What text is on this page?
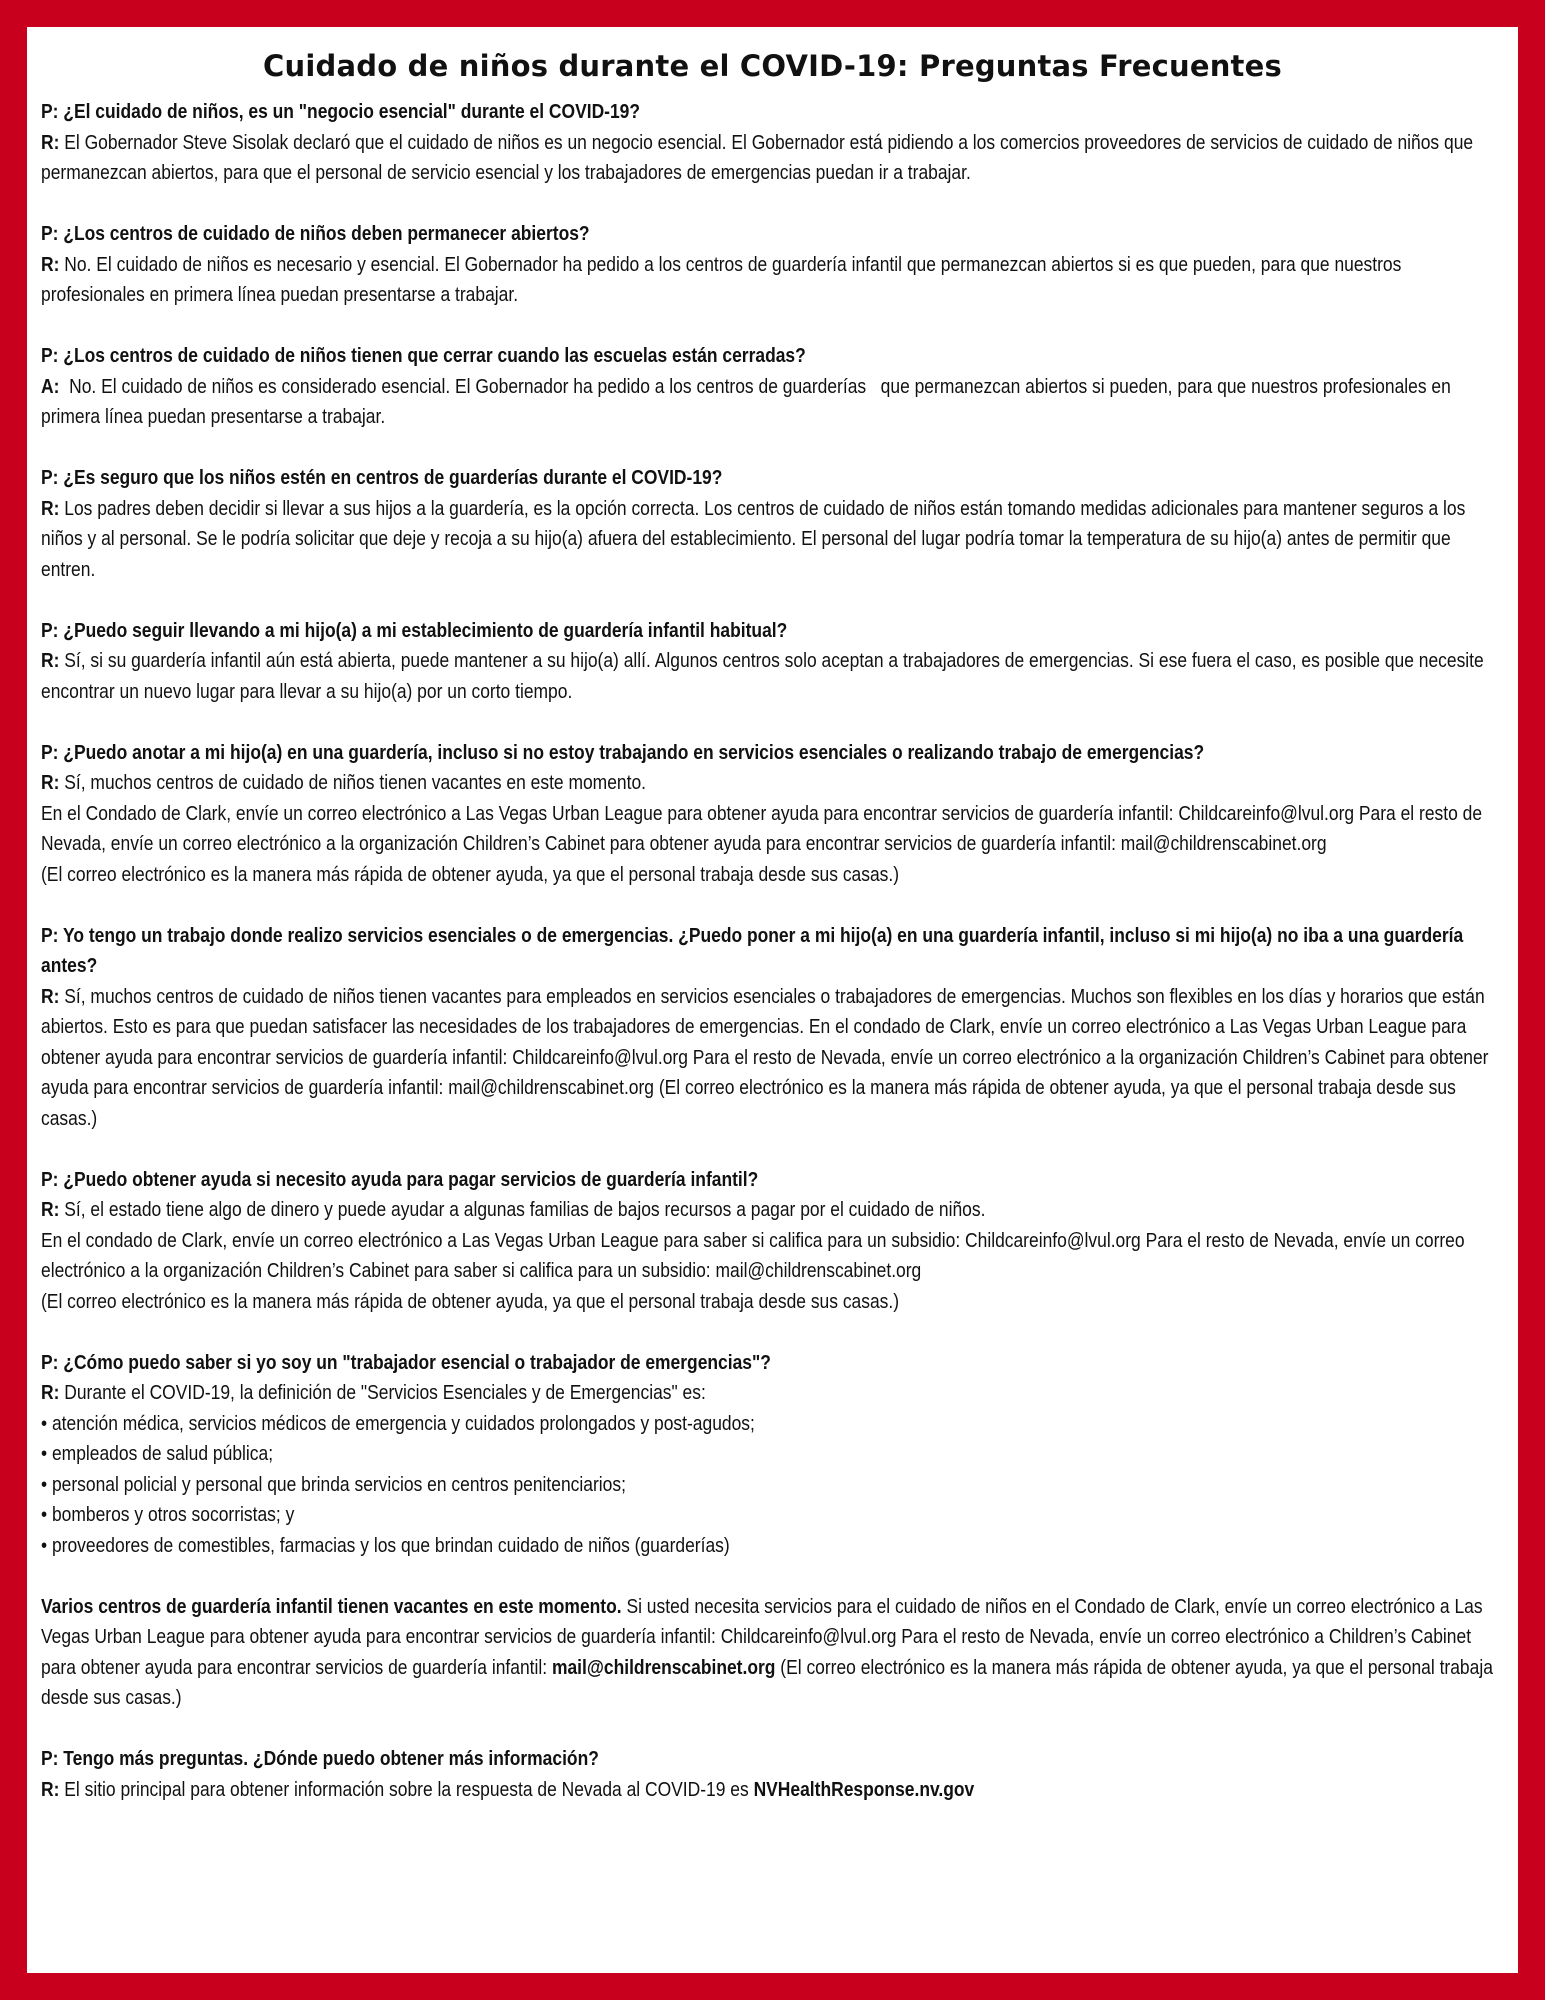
Cuidado de niños durante el COVID-19: Preguntas Frecuentes
P: ¿El cuidado de niños, es un "negocio esencial" durante el COVID-19?
R: El Gobernador Steve Sisolak declaró que el cuidado de niños es un negocio esencial. El Gobernador está pidiendo a los comercios proveedores de servicios de cuidado de niños que permanezcan abiertos, para que el personal de servicio esencial y los trabajadores de emergencias puedan ir a trabajar.
P: ¿Los centros de cuidado de niños deben permanecer abiertos?
R: No. El cuidado de niños es necesario y esencial. El Gobernador ha pedido a los centros de guardería infantil que permanezcan abiertos si es que pueden, para que nuestros profesionales en primera línea puedan presentarse a trabajar.
P: ¿Los centros de cuidado de niños tienen que cerrar cuando las escuelas están cerradas?
A:  No. El cuidado de niños es considerado esencial. El Gobernador ha pedido a los centros de guarderías   que permanezcan abiertos si pueden, para que nuestros profesionales en primera línea puedan presentarse a trabajar.
P: ¿Es seguro que los niños estén en centros de guarderías durante el COVID-19?
R: Los padres deben decidir si llevar a sus hijos a la guardería, es la opción correcta. Los centros de cuidado de niños están tomando medidas adicionales para mantener seguros a los niños y al personal. Se le podría solicitar que deje y recoja a su hijo(a) afuera del establecimiento. El personal del lugar podría tomar la temperatura de su hijo(a) antes de permitir que entren.
P: ¿Puedo seguir llevando a mi hijo(a) a mi establecimiento de guardería infantil habitual?
R: Sí, si su guardería infantil aún está abierta, puede mantener a su hijo(a) allí. Algunos centros solo aceptan a trabajadores de emergencias. Si ese fuera el caso, es posible que necesite encontrar un nuevo lugar para llevar a su hijo(a) por un corto tiempo.
P: ¿Puedo anotar a mi hijo(a) en una guardería, incluso si no estoy trabajando en servicios esenciales o realizando trabajo de emergencias?
R: Sí, muchos centros de cuidado de niños tienen vacantes en este momento.
En el Condado de Clark, envíe un correo electrónico a Las Vegas Urban League para obtener ayuda para encontrar servicios de guardería infantil: Childcareinfo@lvul.org Para el resto de Nevada, envíe un correo electrónico a la organización Children’s Cabinet para obtener ayuda para encontrar servicios de guardería infantil: mail@childrenscabinet.org
(El correo electrónico es la manera más rápida de obtener ayuda, ya que el personal trabaja desde sus casas.)
P: Yo tengo un trabajo donde realizo servicios esenciales o de emergencias. ¿Puedo poner a mi hijo(a) en una guardería infantil, incluso si mi hijo(a) no iba a una guardería antes?
R: Sí, muchos centros de cuidado de niños tienen vacantes para empleados en servicios esenciales o trabajadores de emergencias. Muchos son flexibles en los días y horarios que están abiertos. Esto es para que puedan satisfacer las necesidades de los trabajadores de emergencias. En el condado de Clark, envíe un correo electrónico a Las Vegas Urban League para obtener ayuda para encontrar servicios de guardería infantil: Childcareinfo@lvul.org Para el resto de Nevada, envíe un correo electrónico a la organización Children’s Cabinet para obtener ayuda para encontrar servicios de guardería infantil: mail@childrenscabinet.org (El correo electrónico es la manera más rápida de obtener ayuda, ya que el personal trabaja desde sus casas.)
P: ¿Puedo obtener ayuda si necesito ayuda para pagar servicios de guardería infantil?
R: Sí, el estado tiene algo de dinero y puede ayudar a algunas familias de bajos recursos a pagar por el cuidado de niños.
En el condado de Clark, envíe un correo electrónico a Las Vegas Urban League para saber si califica para un subsidio: Childcareinfo@lvul.org Para el resto de Nevada, envíe un correo electrónico a la organización Children’s Cabinet para saber si califica para un subsidio: mail@childrenscabinet.org
(El correo electrónico es la manera más rápida de obtener ayuda, ya que el personal trabaja desde sus casas.)
P: ¿Cómo puedo saber si yo soy un "trabajador esencial o trabajador de emergencias"?
R: Durante el COVID-19, la definición de "Servicios Esenciales y de Emergencias" es:
• atención médica, servicios médicos de emergencia y cuidados prolongados y post-agudos;
• empleados de salud pública;
• personal policial y personal que brinda servicios en centros penitenciarios;
• bomberos y otros socorristas; y
• proveedores de comestibles, farmacias y los que brindan cuidado de niños (guarderías)
Varios centros de guardería infantil tienen vacantes en este momento. Si usted necesita servicios para el cuidado de niños en el Condado de Clark, envíe un correo electrónico a Las Vegas Urban League para obtener ayuda para encontrar servicios de guardería infantil: Childcareinfo@lvul.org Para el resto de Nevada, envíe un correo electrónico a Children’s Cabinet para obtener ayuda para encontrar servicios de guardería infantil: mail@childrenscabinet.org (El correo electrónico es la manera más rápida de obtener ayuda, ya que el personal trabaja desde sus casas.)
P: Tengo más preguntas. ¿Dónde puedo obtener más información?
R: El sitio principal para obtener información sobre la respuesta de Nevada al COVID-19 es NVHealthResponse.nv.gov
